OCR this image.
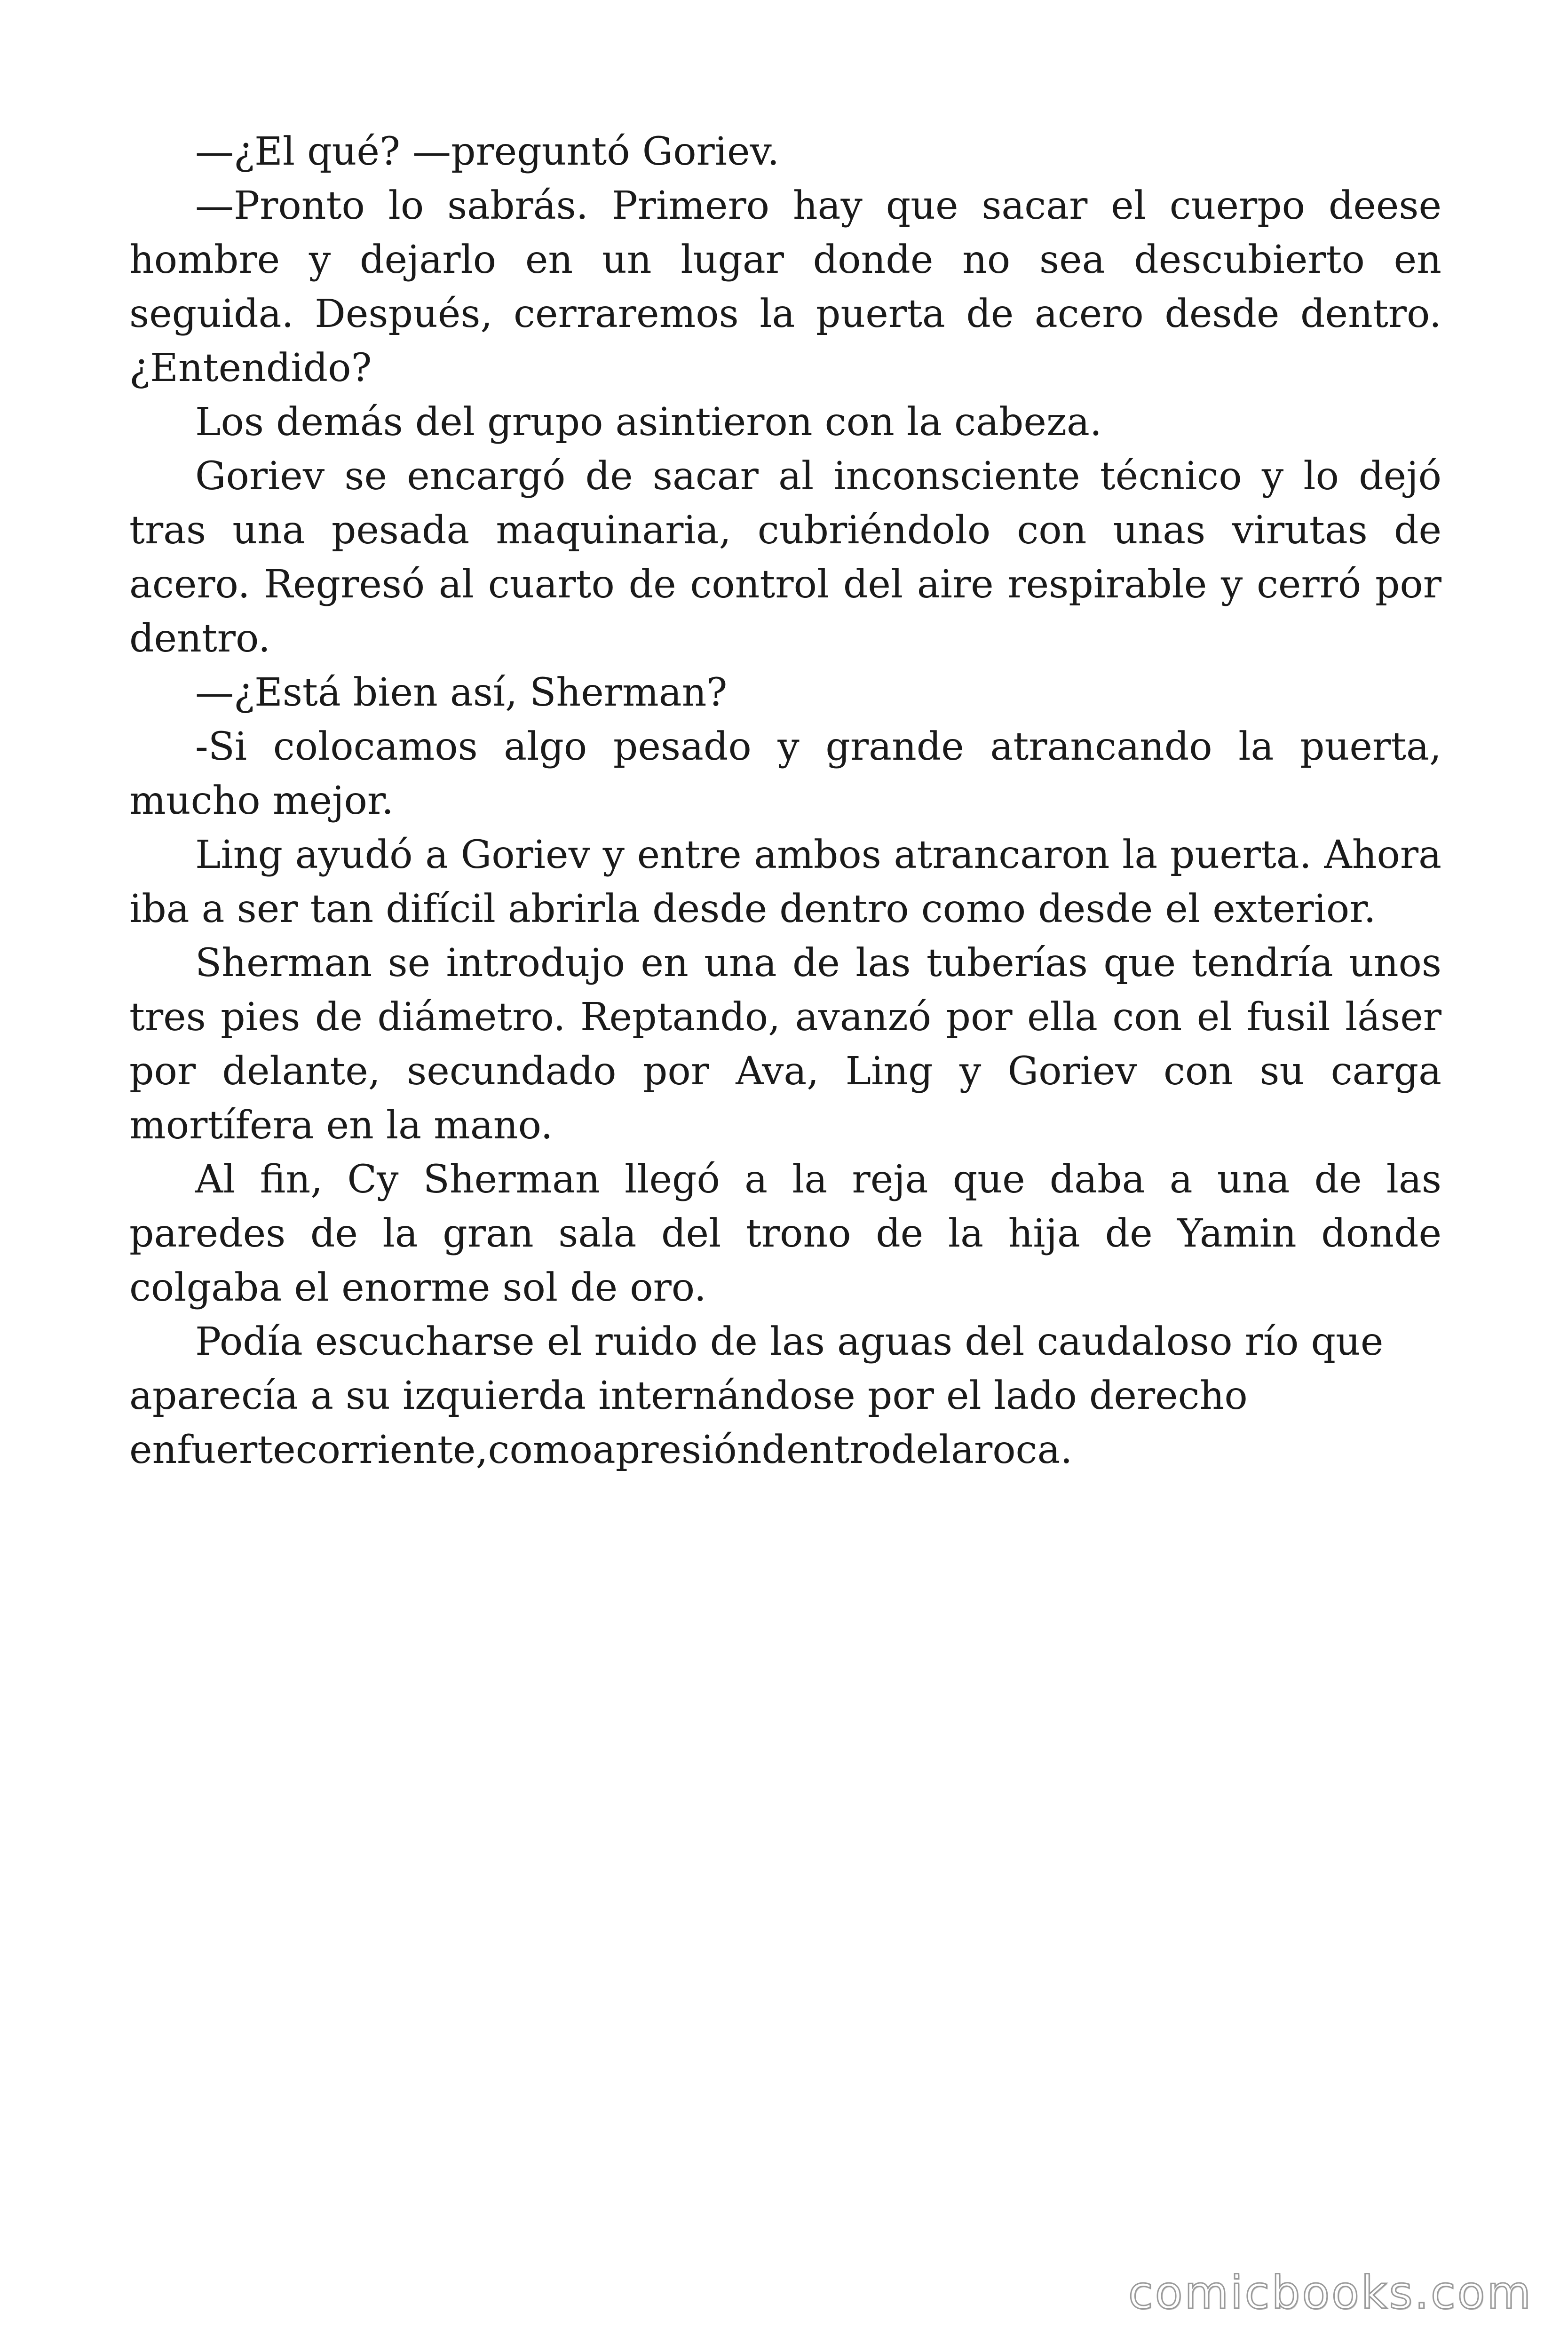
—¿El qué? —preguntó Goriev.

—Pronto lo sabrás. Primero hay que sacar el cuerpo deese hombre y dejarlo en un lugar donde no sea descubierto en seguida. Después, cerraremos la puerta de acero desde dentro. ¿Entendido?

Los demás del grupo asintieron con la cabeza.

Goriev se encargó de sacar al inconsciente técnico y lo dejó tras una pesada maquinaria, cubriéndolo con unas virutas de acero. Regresó al cuarto de control del aire respirable y cerró por dentro.

—¿Está bien así, Sherman?

-Si colocamos algo pesado y grande atrancando la puerta, mucho mejor.

Ling ayudó a Goriev y entre ambos atrancaron la puerta. Ahora iba a ser tan difícil abrirla desde dentro como desde el exterior.

Sherman se introdujo en una de las tuberías que tendría unos tres pies de diámetro. Reptando, avanzó por ella con el fusil láser por delante, secundado por Ava, Ling y Goriev con su carga mortífera en la mano.

Al fin, Cy Sherman llegó a la reja que daba a una de las paredes de la gran sala del trono de la hija de Yamin donde colgaba el enorme sol de oro.

Podía escucharse el ruido de las aguas del caudaloso río que aparecía a su izquierda internándose por el lado derecho enfuertecorriente,comoapresióndentrodelaroca.

comicbooks.com
